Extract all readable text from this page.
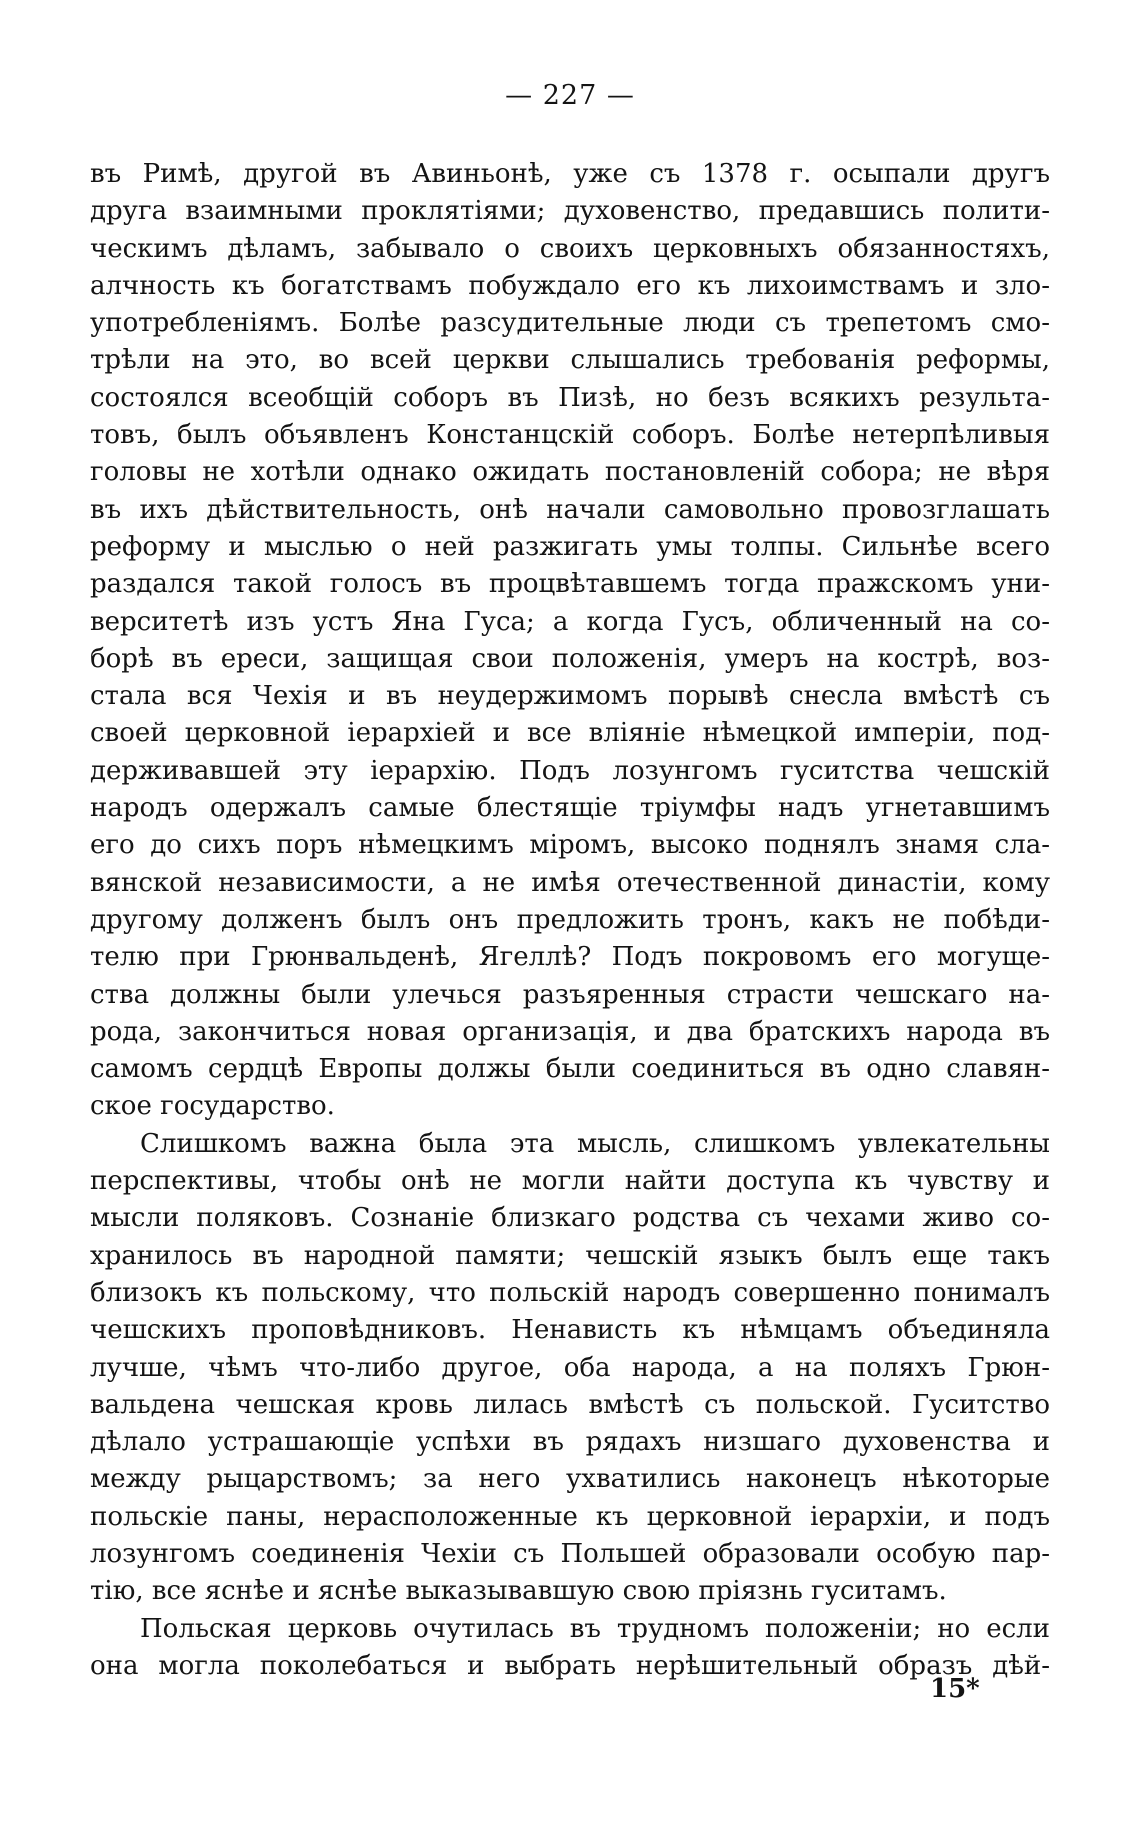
— 227 —
въ Римѣ, другой въ Авиньонѣ, уже съ 1378 г. осыпали другъ
друга взаимными проклятіями; духовенство, предавшись полити-
ческимъ дѣламъ, забывало о своихъ церковныхъ обязанностяхъ,
алчность къ богатствамъ побуждало его къ лихоимствамъ и зло-
употребленіямъ. Болѣе разсудительные люди съ трепетомъ смо-
трѣли на это, во всей церкви слышались требованія реформы,
состоялся всеобщій соборъ въ Пизѣ, но безъ всякихъ результа-
товъ, былъ объявленъ Констанцскій соборъ. Болѣе нетерпѣливыя
головы не хотѣли однако ожидать постановленій собора; не вѣря
въ ихъ дѣйствительность, онѣ начали самовольно провозглашать
реформу и мыслью о ней разжигать умы толпы. Сильнѣе всего
раздался такой голосъ въ процвѣтавшемъ тогда пражскомъ уни-
верситетѣ изъ устъ Яна Гуса; а когда Гусъ, обличенный на со-
борѣ въ ереси, защищая свои положенія, умеръ на кострѣ, воз-
стала вся Чехія и въ неудержимомъ порывѣ снесла вмѣстѣ съ
своей церковной іерархіей и все вліяніе нѣмецкой имперіи, под-
держивавшей эту іерархію. Подъ лозунгомъ гуситства чешскій
народъ одержалъ самые блестящіе тріумфы надъ угнетавшимъ
его до сихъ поръ нѣмецкимъ міромъ, высоко поднялъ знамя сла-
вянской независимости, а не имѣя отечественной династіи, кому
другому долженъ былъ онъ предложить тронъ, какъ не побѣди-
телю при Грюнвальденѣ, Ягеллѣ? Подъ покровомъ его могуще-
ства должны были улечься разъяренныя страсти чешскаго на-
рода, закончиться новая организація, и два братскихъ народа въ
самомъ сердцѣ Европы должы были соединиться въ одно славян-
ское государство.
Слишкомъ важна была эта мысль, слишкомъ увлекательны
перспективы, чтобы онѣ не могли найти доступа къ чувству и
мысли поляковъ. Сознаніе близкаго родства съ чехами живо со-
хранилось въ народной памяти; чешскій языкъ былъ еще такъ
близокъ къ польскому, что польскій народъ совершенно понималъ
чешскихъ проповѣдниковъ. Ненависть къ нѣмцамъ объединяла
лучше, чѣмъ что-либо другое, оба народа, а на поляхъ Грюн-
вальдена чешская кровь лилась вмѣстѣ съ польской. Гуситство
дѣлало устрашающіе успѣхи въ рядахъ низшаго духовенства и
между рыцарствомъ; за него ухватились наконецъ нѣкоторые
польскіе паны, нерасположенные къ церковной іерархіи, и подъ
лозунгомъ соединенія Чехіи съ Польшей образовали особую пар-
тію, все яснѣе и яснѣе выказывавшую свою пріязнь гуситамъ.
Польская церковь очутилась въ трудномъ положеніи; но если
она могла поколебаться и выбрать нерѣшительный образъ дѣй-
15*
